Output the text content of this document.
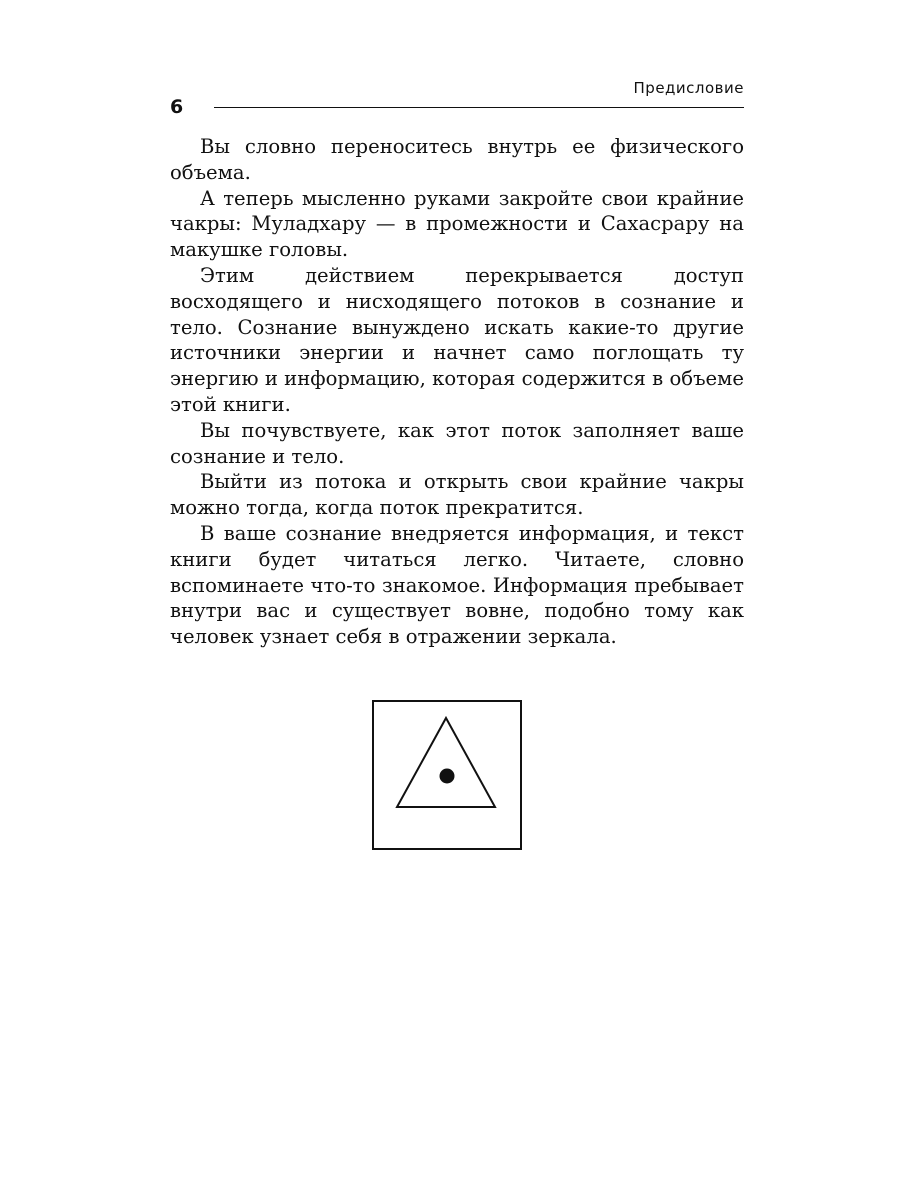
6
Предисловие

Вы словно переноситесь внутрь ее физического объема.

А теперь мысленно руками закройте свои крайние чакры: Муладхару — в промежности и Сахасрару на макушке головы.

Этим действием перекрывается доступ восходящего и нисходящего потоков в сознание и тело. Сознание вынуждено искать какие-то другие источники энергии и начнет само поглощать ту энергию и информацию, которая содержится в объеме этой книги.

Вы почувствуете, как этот поток заполняет ваше сознание и тело.

Выйти из потока и открыть свои крайние чакры можно тогда, когда поток прекратится.

В ваше сознание внедряется информация, и текст книги будет читаться легко. Читаете, словно вспоминаете что-то знакомое. Информация пребывает внутри вас и существует вовне, подобно тому как человек узнает себя в отражении зеркала.
